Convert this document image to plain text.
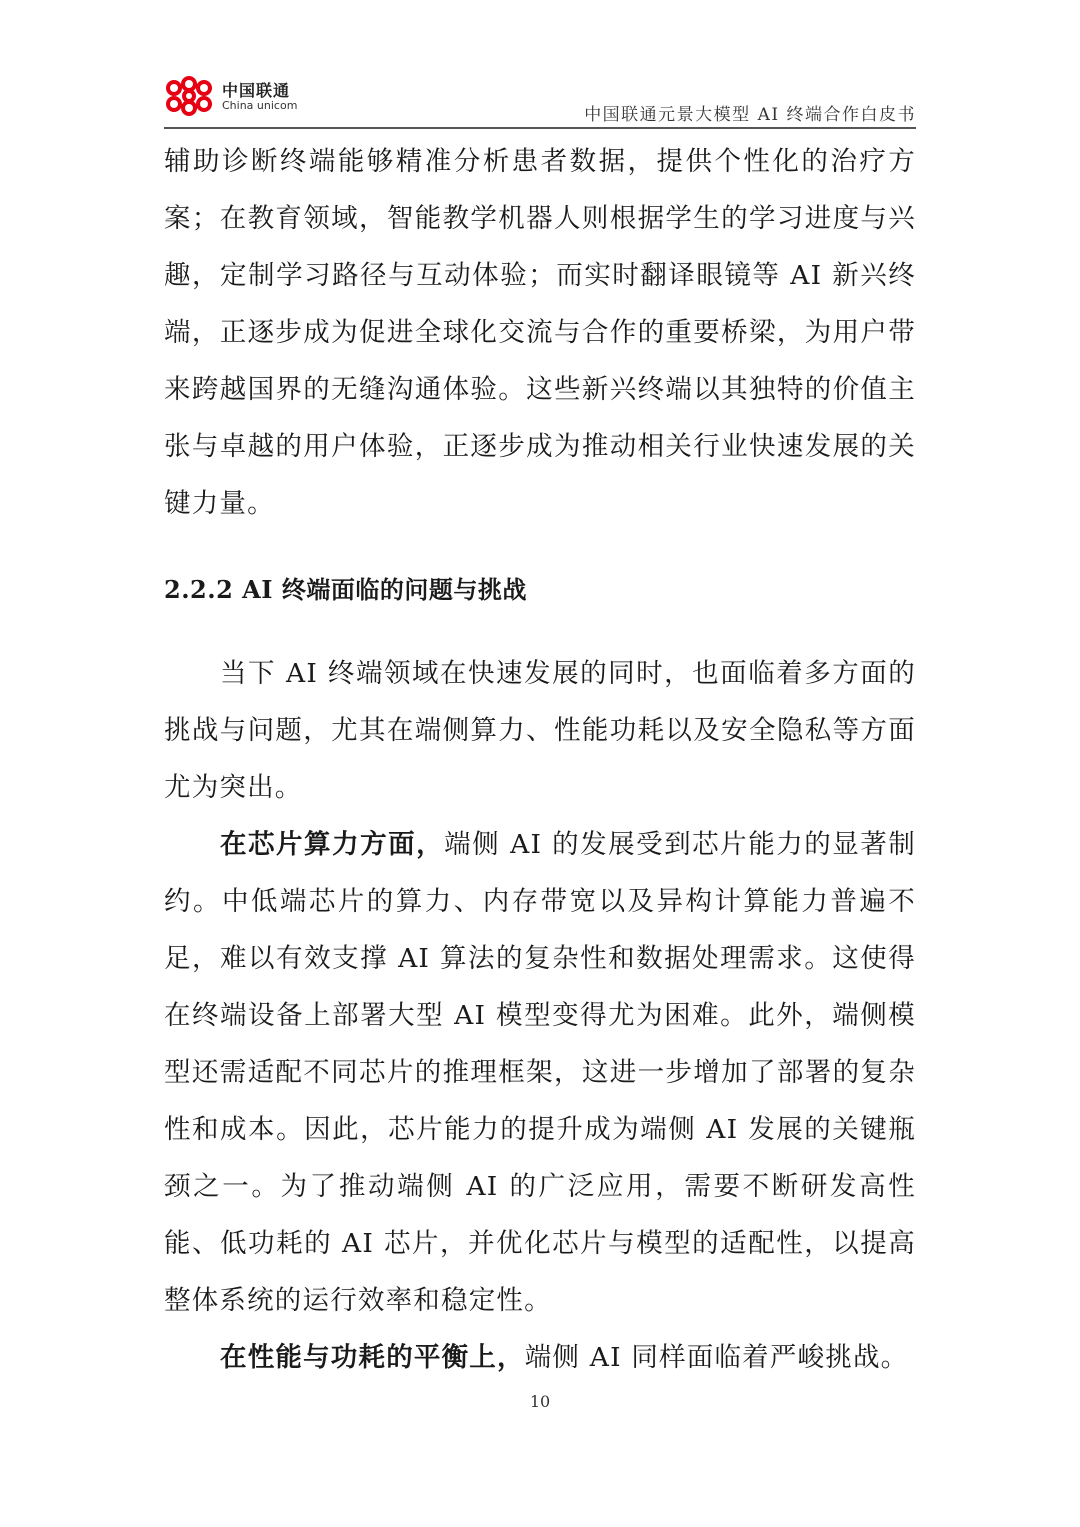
中国联通
China unicom	中国联通元景大模型 AI 终端合作白皮书

辅助诊断终端能够精准分析患者数据，提供个性化的治疗方案；在教育领域，智能教学机器人则根据学生的学习进度与兴趣，定制学习路径与互动体验；而实时翻译眼镜等 AI 新兴终端，正逐步成为促进全球化交流与合作的重要桥梁，为用户带来跨越国界的无缝沟通体验。这些新兴终端以其独特的价值主张与卓越的用户体验，正逐步成为推动相关行业快速发展的关键力量。

2.2.2 AI 终端面临的问题与挑战

当下 AI 终端领域在快速发展的同时，也面临着多方面的挑战与问题，尤其在端侧算力、性能功耗以及安全隐私等方面尤为突出。

在芯片算力方面，端侧 AI 的发展受到芯片能力的显著制约。中低端芯片的算力、内存带宽以及异构计算能力普遍不足，难以有效支撑 AI 算法的复杂性和数据处理需求。这使得在终端设备上部署大型 AI 模型变得尤为困难。此外，端侧模型还需适配不同芯片的推理框架，这进一步增加了部署的复杂性和成本。因此，芯片能力的提升成为端侧 AI 发展的关键瓶颈之一。为了推动端侧 AI 的广泛应用，需要不断研发高性能、低功耗的 AI 芯片，并优化芯片与模型的适配性，以提高整体系统的运行效率和稳定性。

在性能与功耗的平衡上，端侧 AI 同样面临着严峻挑战。

10
